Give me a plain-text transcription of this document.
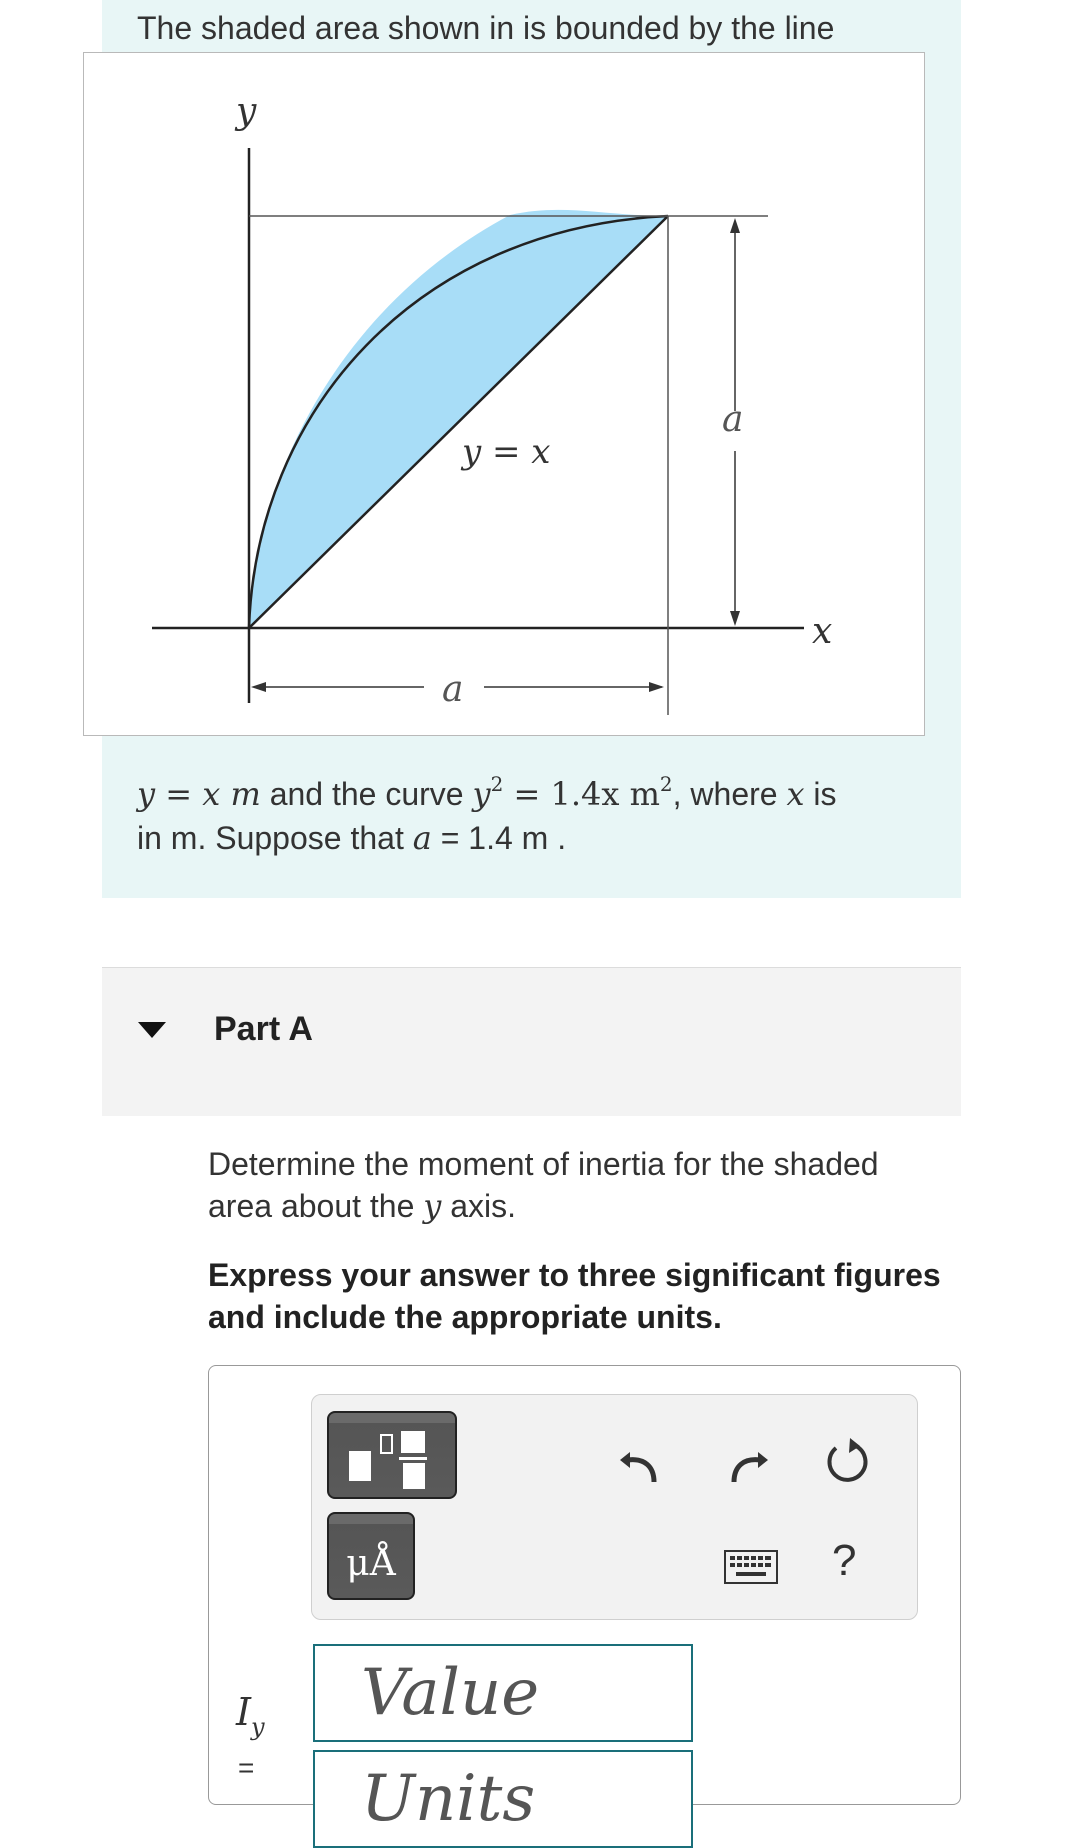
The shaded area shown in is bounded by the line
y
x
y = x
a
a
y = x m and the curve $y^2 = 1.4x$ $m^2$, where x is
in m. Suppose that a = 1.4 m .
Part A
Determine the moment of inertia for the shaded area about the y axis.
Express your answer to three significant figures and include the appropriate units.
μÅ	?
$I_y$
=
Value
Units
